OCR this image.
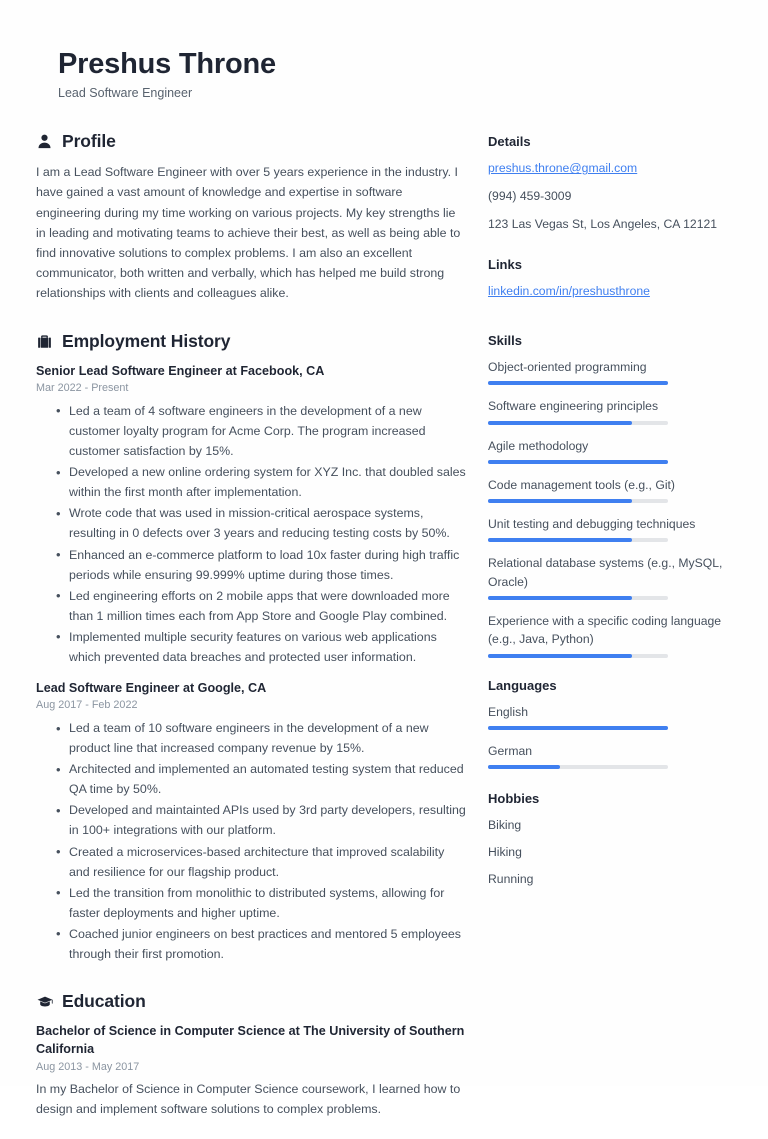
Preshus Throne
Lead Software Engineer
Profile

I am a Lead Software Engineer with over 5 years experience in the industry. I have gained a vast amount of knowledge and expertise in software engineering during my time working on various projects. My key strengths lie in leading and motivating teams to achieve their best, as well as being able to find innovative solutions to complex problems. I am also an excellent communicator, both written and verbally, which has helped me build strong relationships with clients and colleagues alike.

Employment History
Senior Lead Software Engineer at Facebook, CA
Mar 2022 - Present
• Led a team of 4 software engineers in the development of a new customer loyalty program for Acme Corp. The program increased customer satisfaction by 15%.
• Developed a new online ordering system for XYZ Inc. that doubled sales within the first month after implementation.
• Wrote code that was used in mission-critical aerospace systems, resulting in 0 defects over 3 years and reducing testing costs by 50%.
• Enhanced an e-commerce platform to load 10x faster during high traffic periods while ensuring 99.999% uptime during those times.
• Led engineering efforts on 2 mobile apps that were downloaded more than 1 million times each from App Store and Google Play combined.
• Implemented multiple security features on various web applications which prevented data breaches and protected user information.
Lead Software Engineer at Google, CA
Aug 2017 - Feb 2022
• Led a team of 10 software engineers in the development of a new product line that increased company revenue by 15%.
• Architected and implemented an automated testing system that reduced QA time by 50%.
• Developed and maintainted APIs used by 3rd party developers, resulting in 100+ integrations with our platform.
• Created a microservices-based architecture that improved scalability and resilience for our flagship product.
• Led the transition from monolithic to distributed systems, allowing for faster deployments and higher uptime.
• Coached junior engineers on best practices and mentored 5 employees through their first promotion.
Education
Bachelor of Science in Computer Science at The University of Southern California
Aug 2013 - May 2017

In my Bachelor of Science in Computer Science coursework, I learned how to design and implement software solutions to complex problems.

Details
preshus.throne@gmail.com
(994) 459-3009
123 Las Vegas St, Los Angeles, CA 12121
Links
linkedin.com/in/preshusthrone
Skills
Object-oriented programming
Software engineering principles
Agile methodology
Code management tools (e.g., Git)
Unit testing and debugging techniques
Relational database systems (e.g., MySQL, Oracle)
Experience with a specific coding language (e.g., Java, Python)
Languages
English
German
Hobbies
Biking
Hiking
Running
